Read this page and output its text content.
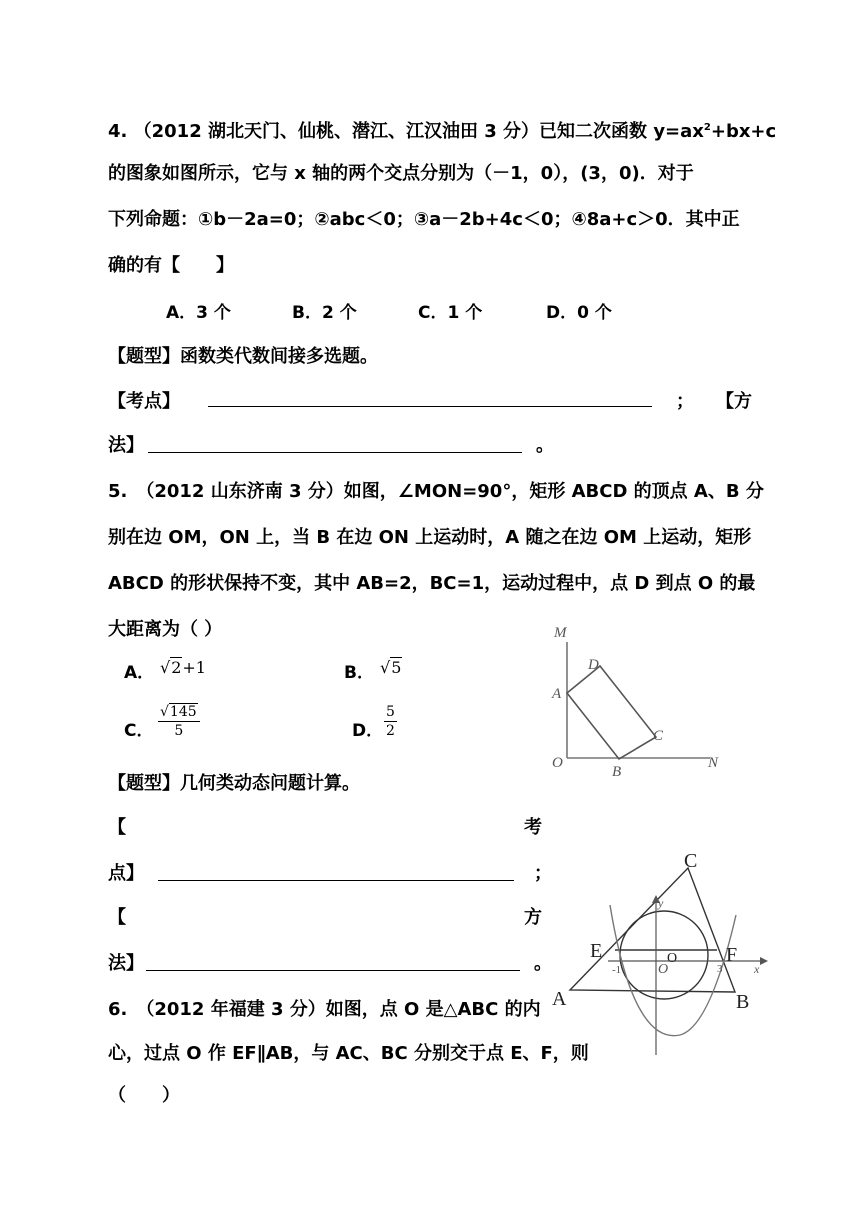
4. （2012 湖北天门、仙桃、潜江、江汉油田 3 分）已知二次函数 $y=ax^2+bx+c$
的图象如图所示，它与 x 轴的两个交点分别为（－1，0），(3，0)．对于
下列命题：①b－2a=0；②abc＜0；③a－2b+4c＜0；④8a+c＞0．其中正
确的有【　　】
A．3 个	B．2 个	C．1 个	D．0 个
【题型】函数类代数间接多选题。
【考点】	； 【方
法】	。
5.　（2012 山东济南 3 分）如图，∠MON=90°，矩形 ABCD 的顶点 A、B 分
别在边 OM，ON 上，当 B 在边 ON 上运动时，A 随之在边 OM 上运动，矩形
ABCD 的形状保持不变，其中 AB=2，BC=1，运动过程中，点 D 到点 O 的最
大距离为（ ）
A． √2+1	B． √5
C． $\frac{√145}{5}$	D． $\frac{5}{2}$
M
D
A
C
O
B
N
【题型】几何类动态问题计算。
【	考
点】	；
【	方
法】	。
6.　（2012 年福建 3 分）如图，点 O 是△ABC 的内
心，过点 O 作 EF∥AB，与 AC、BC 分别交于点 E、F，则
（　　）
C
y
E
-1	O
O
3
F
x
A	B
